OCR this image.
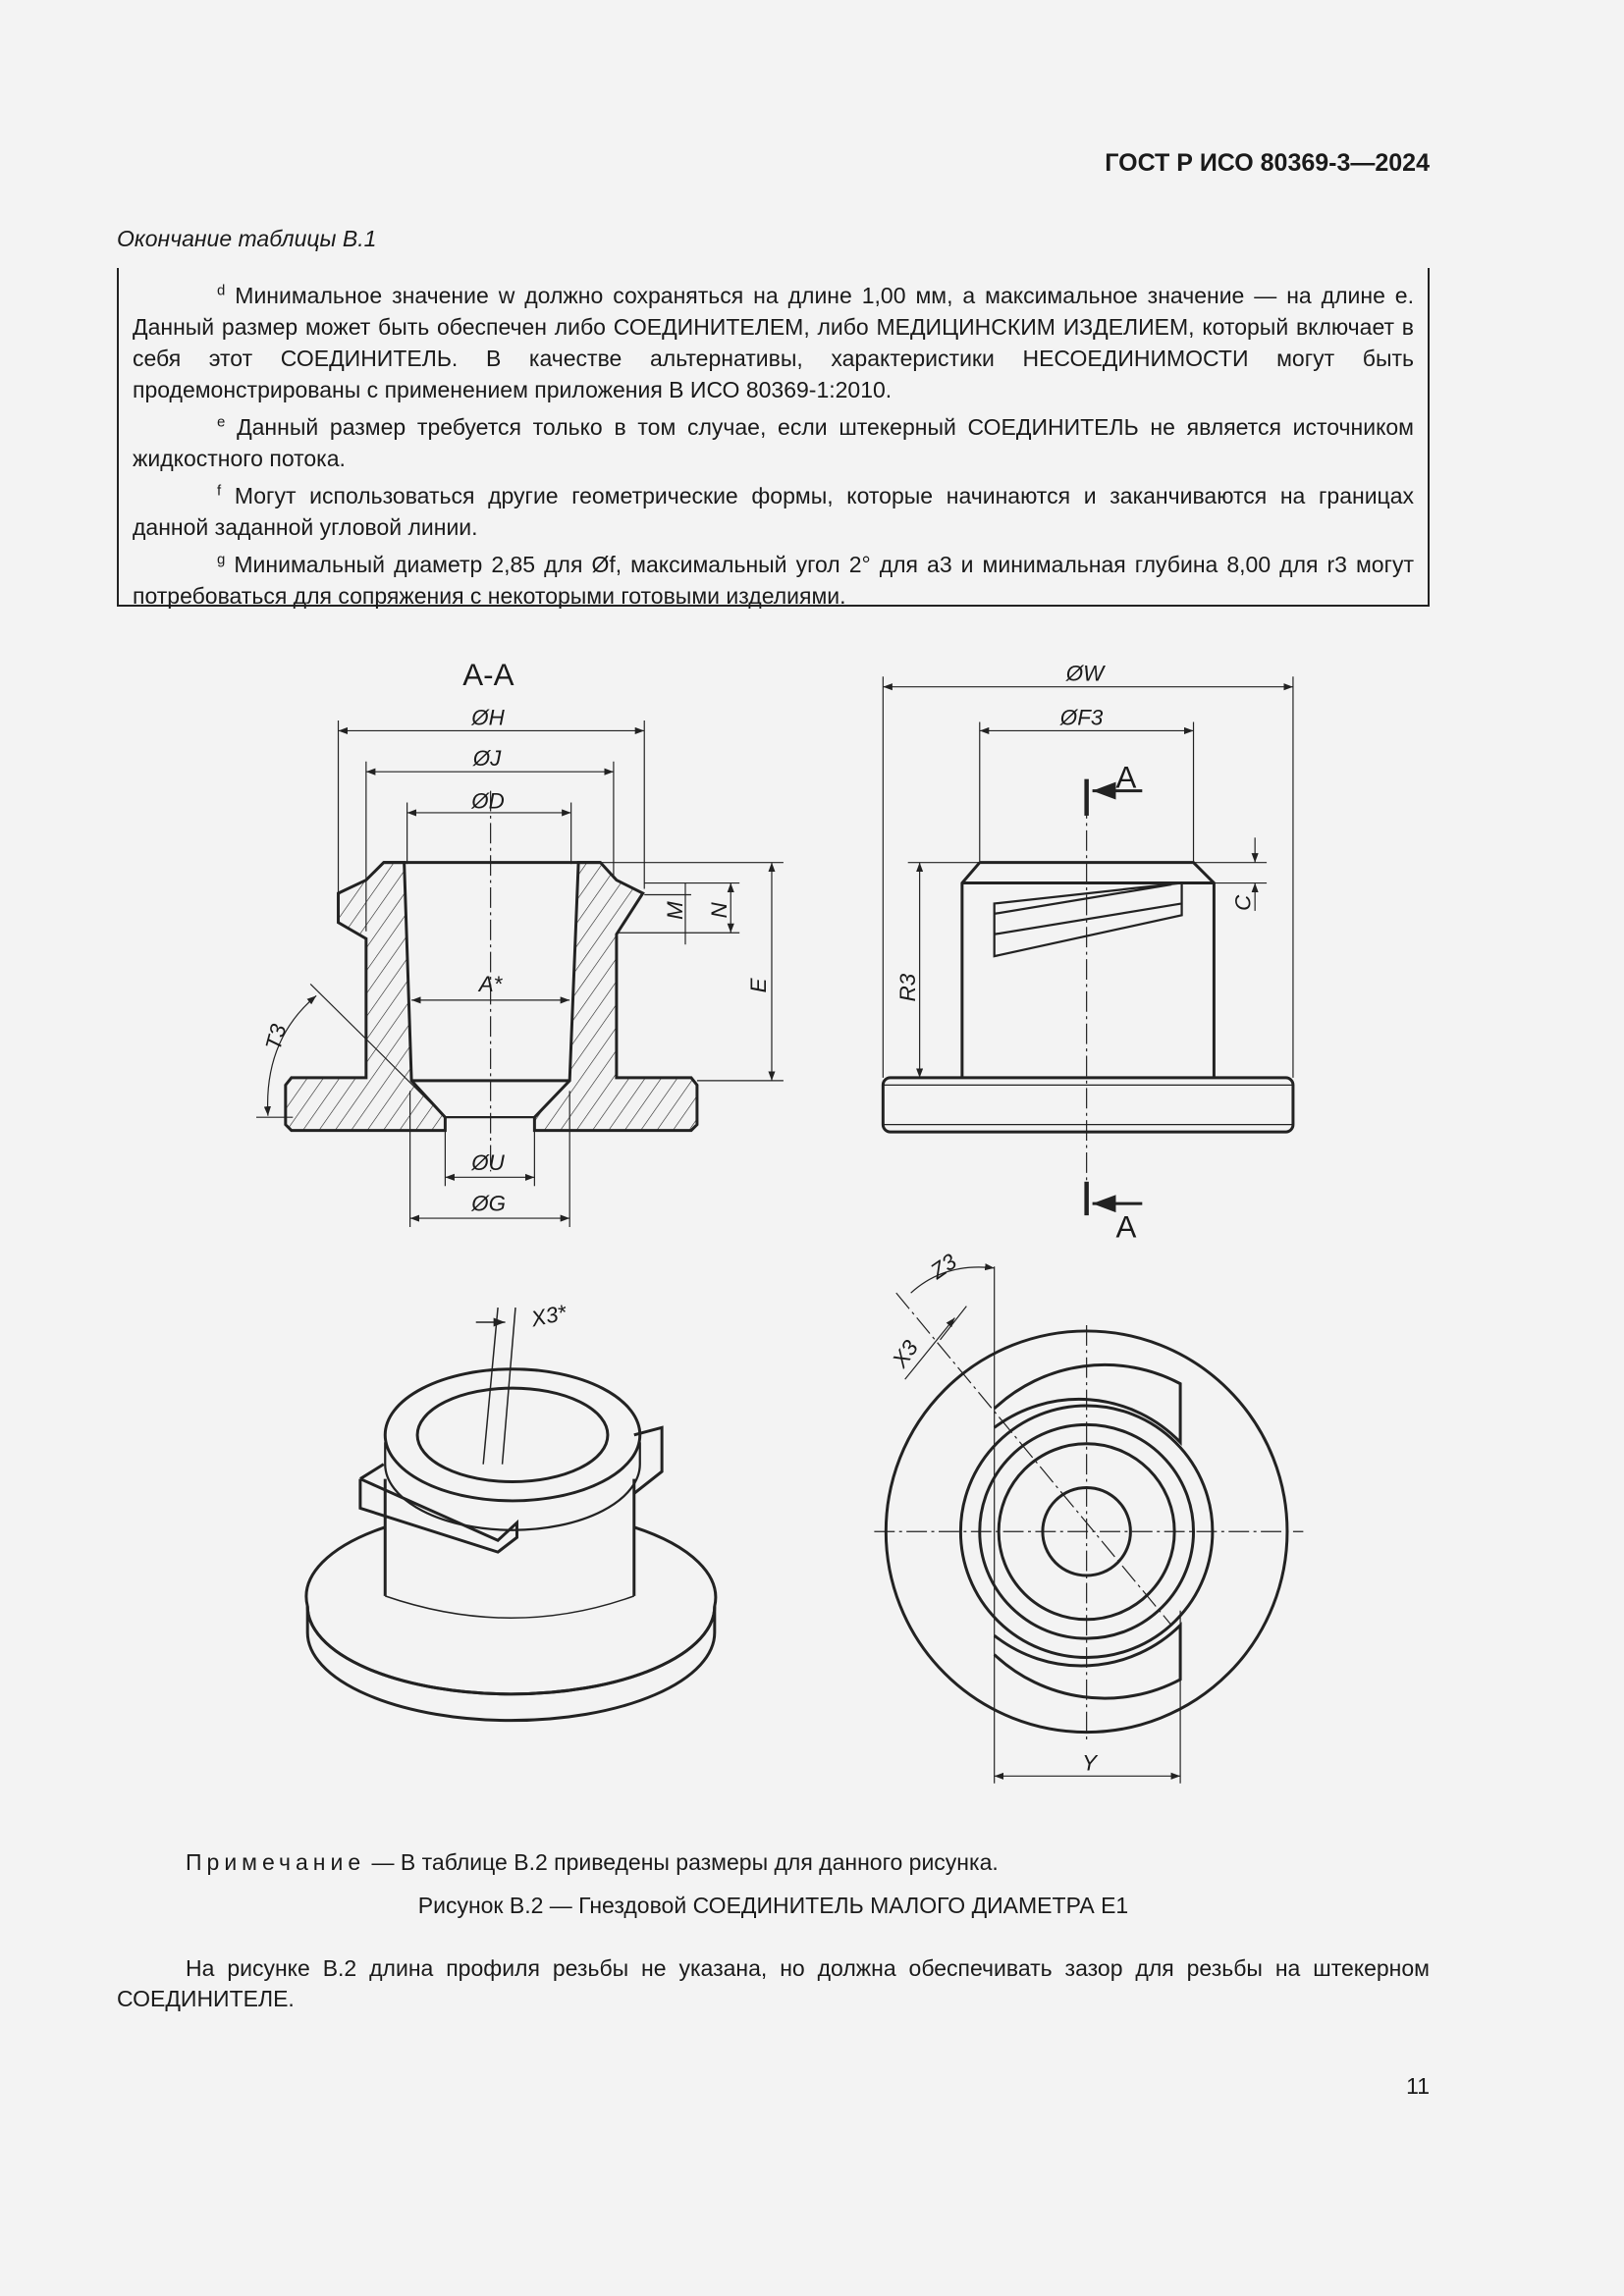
ГОСТ Р ИСО 80369-3—2024
Окончание таблицы В.1

$^d$ Минимальное значение w должно сохраняться на длине 1,00 мм, а максимальное значение — на длине e. Данный размер может быть обеспечен либо СОЕДИНИТЕЛЕМ, либо МЕДИЦИНСКИМ ИЗДЕЛИЕМ, который включает в себя этот СОЕДИНИТЕЛЬ. В качестве альтернативы, характеристики НЕСОЕДИНИМОСТИ могут быть продемонстрированы с применением приложения В ИСО 80369-1:2010.

$^e$ Данный размер требуется только в том случае, если штекерный СОЕДИНИТЕЛЬ не является источником жидкостного потока.

$^f$ Могут использоваться другие геометрические формы, которые начинаются и заканчиваются на границах данной заданной угловой линии.

$^g$ Минимальный диаметр 2,85 для Øf, максимальный угол 2° для a3 и минимальная глубина 8,00 для r3 могут потребоваться для сопряжения с некоторыми готовыми изделиями.

A-A
ØH
ØJ
ØD
A*
M N
E
T3
ØU
ØG
ØW
ØF3
A
A
C
R3
X3*
Z3
X3
Y
Примечание — В таблице В.2 приведены размеры для данного рисунка.
Рисунок В.2 — Гнездовой СОЕДИНИТЕЛЬ МАЛОГО ДИАМЕТРА E1
На рисунке В.2 длина профиля резьбы не указана, но должна обеспечивать зазор для резьбы на штекерном СОЕДИНИТЕЛЕ.
11
